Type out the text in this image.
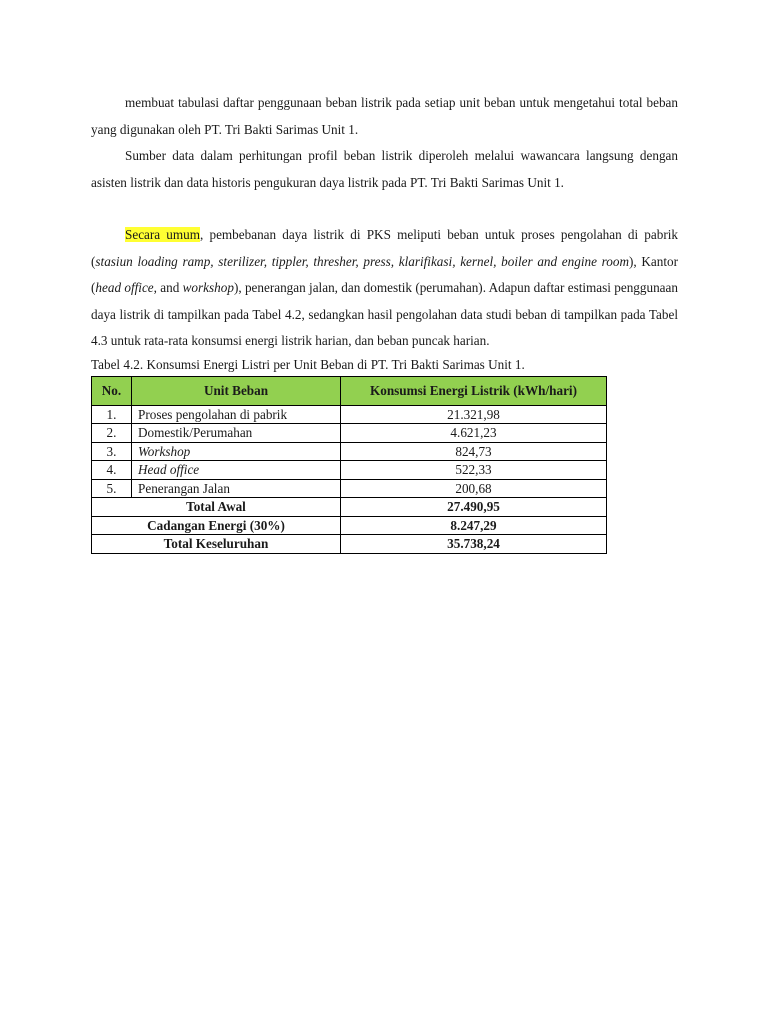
membuat tabulasi daftar penggunaan beban listrik pada setiap unit beban untuk mengetahui total beban yang digunakan oleh PT. Tri Bakti Sarimas Unit 1.

Sumber data dalam perhitungan profil beban listrik diperoleh melalui wawancara langsung dengan asisten listrik dan data historis pengukuran daya listrik pada PT. Tri Bakti Sarimas Unit 1.

Secara umum, pembebanan daya listrik di PKS meliputi beban untuk proses pengolahan di pabrik (stasiun loading ramp, sterilizer, tippler, thresher, press, klarifikasi, kernel, boiler and engine room), Kantor (head office, and workshop), penerangan jalan, dan domestik (perumahan). Adapun daftar estimasi penggunaan daya listrik di tampilkan pada Tabel 4.2, sedangkan hasil pengolahan data studi beban di tampilkan pada Tabel 4.3 untuk rata-rata konsumsi energi listrik harian, dan beban puncak harian.

Tabel 4.2. Konsumsi Energi Listri per Unit Beban di PT. Tri Bakti Sarimas Unit 1.
No.	Unit Beban	Konsumsi Energi Listrik (kWh/hari)
1.	Proses pengolahan di pabrik	21.321,98
2.	Domestik/Perumahan	4.621,23
3.	Workshop	824,73
4.	Head office	522,33
5.	Penerangan Jalan	200,68
Total Awal		27.490,95
Cadangan Energi (30%)		8.247,29
Total Keseluruhan		35.738,24
